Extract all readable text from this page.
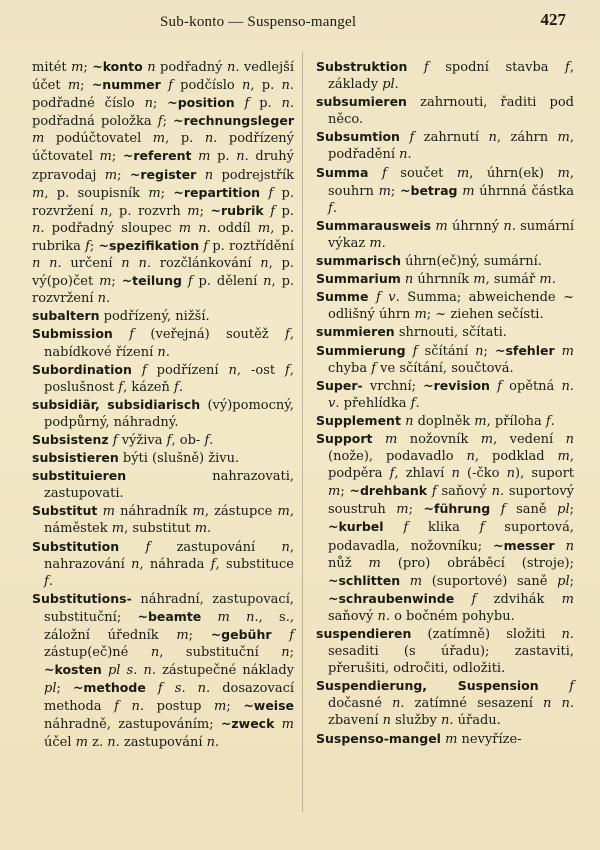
Sub-konto — Suspenso-mangel	427

mitét m; ~konto n podřadný n. vedlejší účet m; ~nummer f podčíslo n, p. n. podřadné číslo n; ~position f p. n. podřadná položka f; ~rechnungsleger m podúčtovatel m, p. n. podřízený účtovatel m; ~referent m p. n. druhý zpravodaj m; ~register n podrejstřík m, p. soupisník m; ~repartition f p. rozvržení n, p. rozvrh m; ~rubrik f p. n. podřadný sloupec m n. oddíl m, p. rubrika f; ~spezifikation f p. roztřídění n n. určení n n. rozčlánkování n, p. vý(po)čet m; ~teilung f p. dělení n, p. rozvržení n.

subaltern podřízený, nižší.

Submission f (veřejná) soutěž f, nabídkové řízení n.

Subordination f podřízení n, -ost f, poslušnost f, kázeň f.

subsidiär, subsidiarisch (vý)pomocný, podpůrný, náhradný.

Subsistenz f výživa f, ob- f.

subsistieren býti (slušně) živu.

substituieren nahrazovati, zastupovati.

Substitut m náhradník m, zástupce m, náměstek m, substitut m.

Substitution f zastupování n, nahrazování n, náhrada f, substituce f.

Substitutions- náhradní, zastupovací, substituční; ~beamte m n., s., záložní úředník m; ~gebühr f zástup(eč)né n, substituční n; ~kosten pl s. n. zástupečné náklady pl; ~methode f s. n. dosazovací methoda f n. postup m; ~weise náhradně, zastupováním; ~zweck m účel m z. n. zastupování n.

Substruktion f spodní stavba f, základy pl.

subsumieren zahrnouti, řaditi pod něco.

Subsumtion f zahrnutí n, záhrn m, podřadění n.

Summa f součet m, úhrn(ek) m, souhrn m; ~betrag m úhrnná částka f.

Summarausweis m úhrnný n. sumární výkaz m.

summarisch úhrn(eč)ný, sumární.

Summarium n úhrnník m, sumář m.

Summe f v. Summa; abweichende ~ odlišný úhrn m; ~ ziehen sečísti.

summieren shrnouti, sčítati.

Summierung f sčítání n; ~sfehler m chyba f ve sčítání, součtová.

Super- vrchní; ~revision f opětná n. v. přehlídka f.

Supplement n doplněk m, příloha f.

Support m nožovník m, vedení n (nože), podavadlo n, podklad m, podpěra f, zhlaví n (-čko n), suport m; ~drehbank f saňový n. suportový soustruh m; ~führung f saně pl; ~kurbel f klika f suportová, podavadla, nožovníku; ~messer n nůž m (pro) obráběcí (stroje); ~schlitten m (suportové) saně pl; ~schraubenwinde f zdvihák m saňový n. o bočném pohybu.

suspendieren (zatímně) složiti n. sesaditi (s úřadu); zastaviti, přerušiti, odročiti, odložiti.

Suspendierung, Suspension f dočasné n. zatímné sesazení n n. zbavení n služby n. úřadu.

Suspenso-mangel m nevyříze-
